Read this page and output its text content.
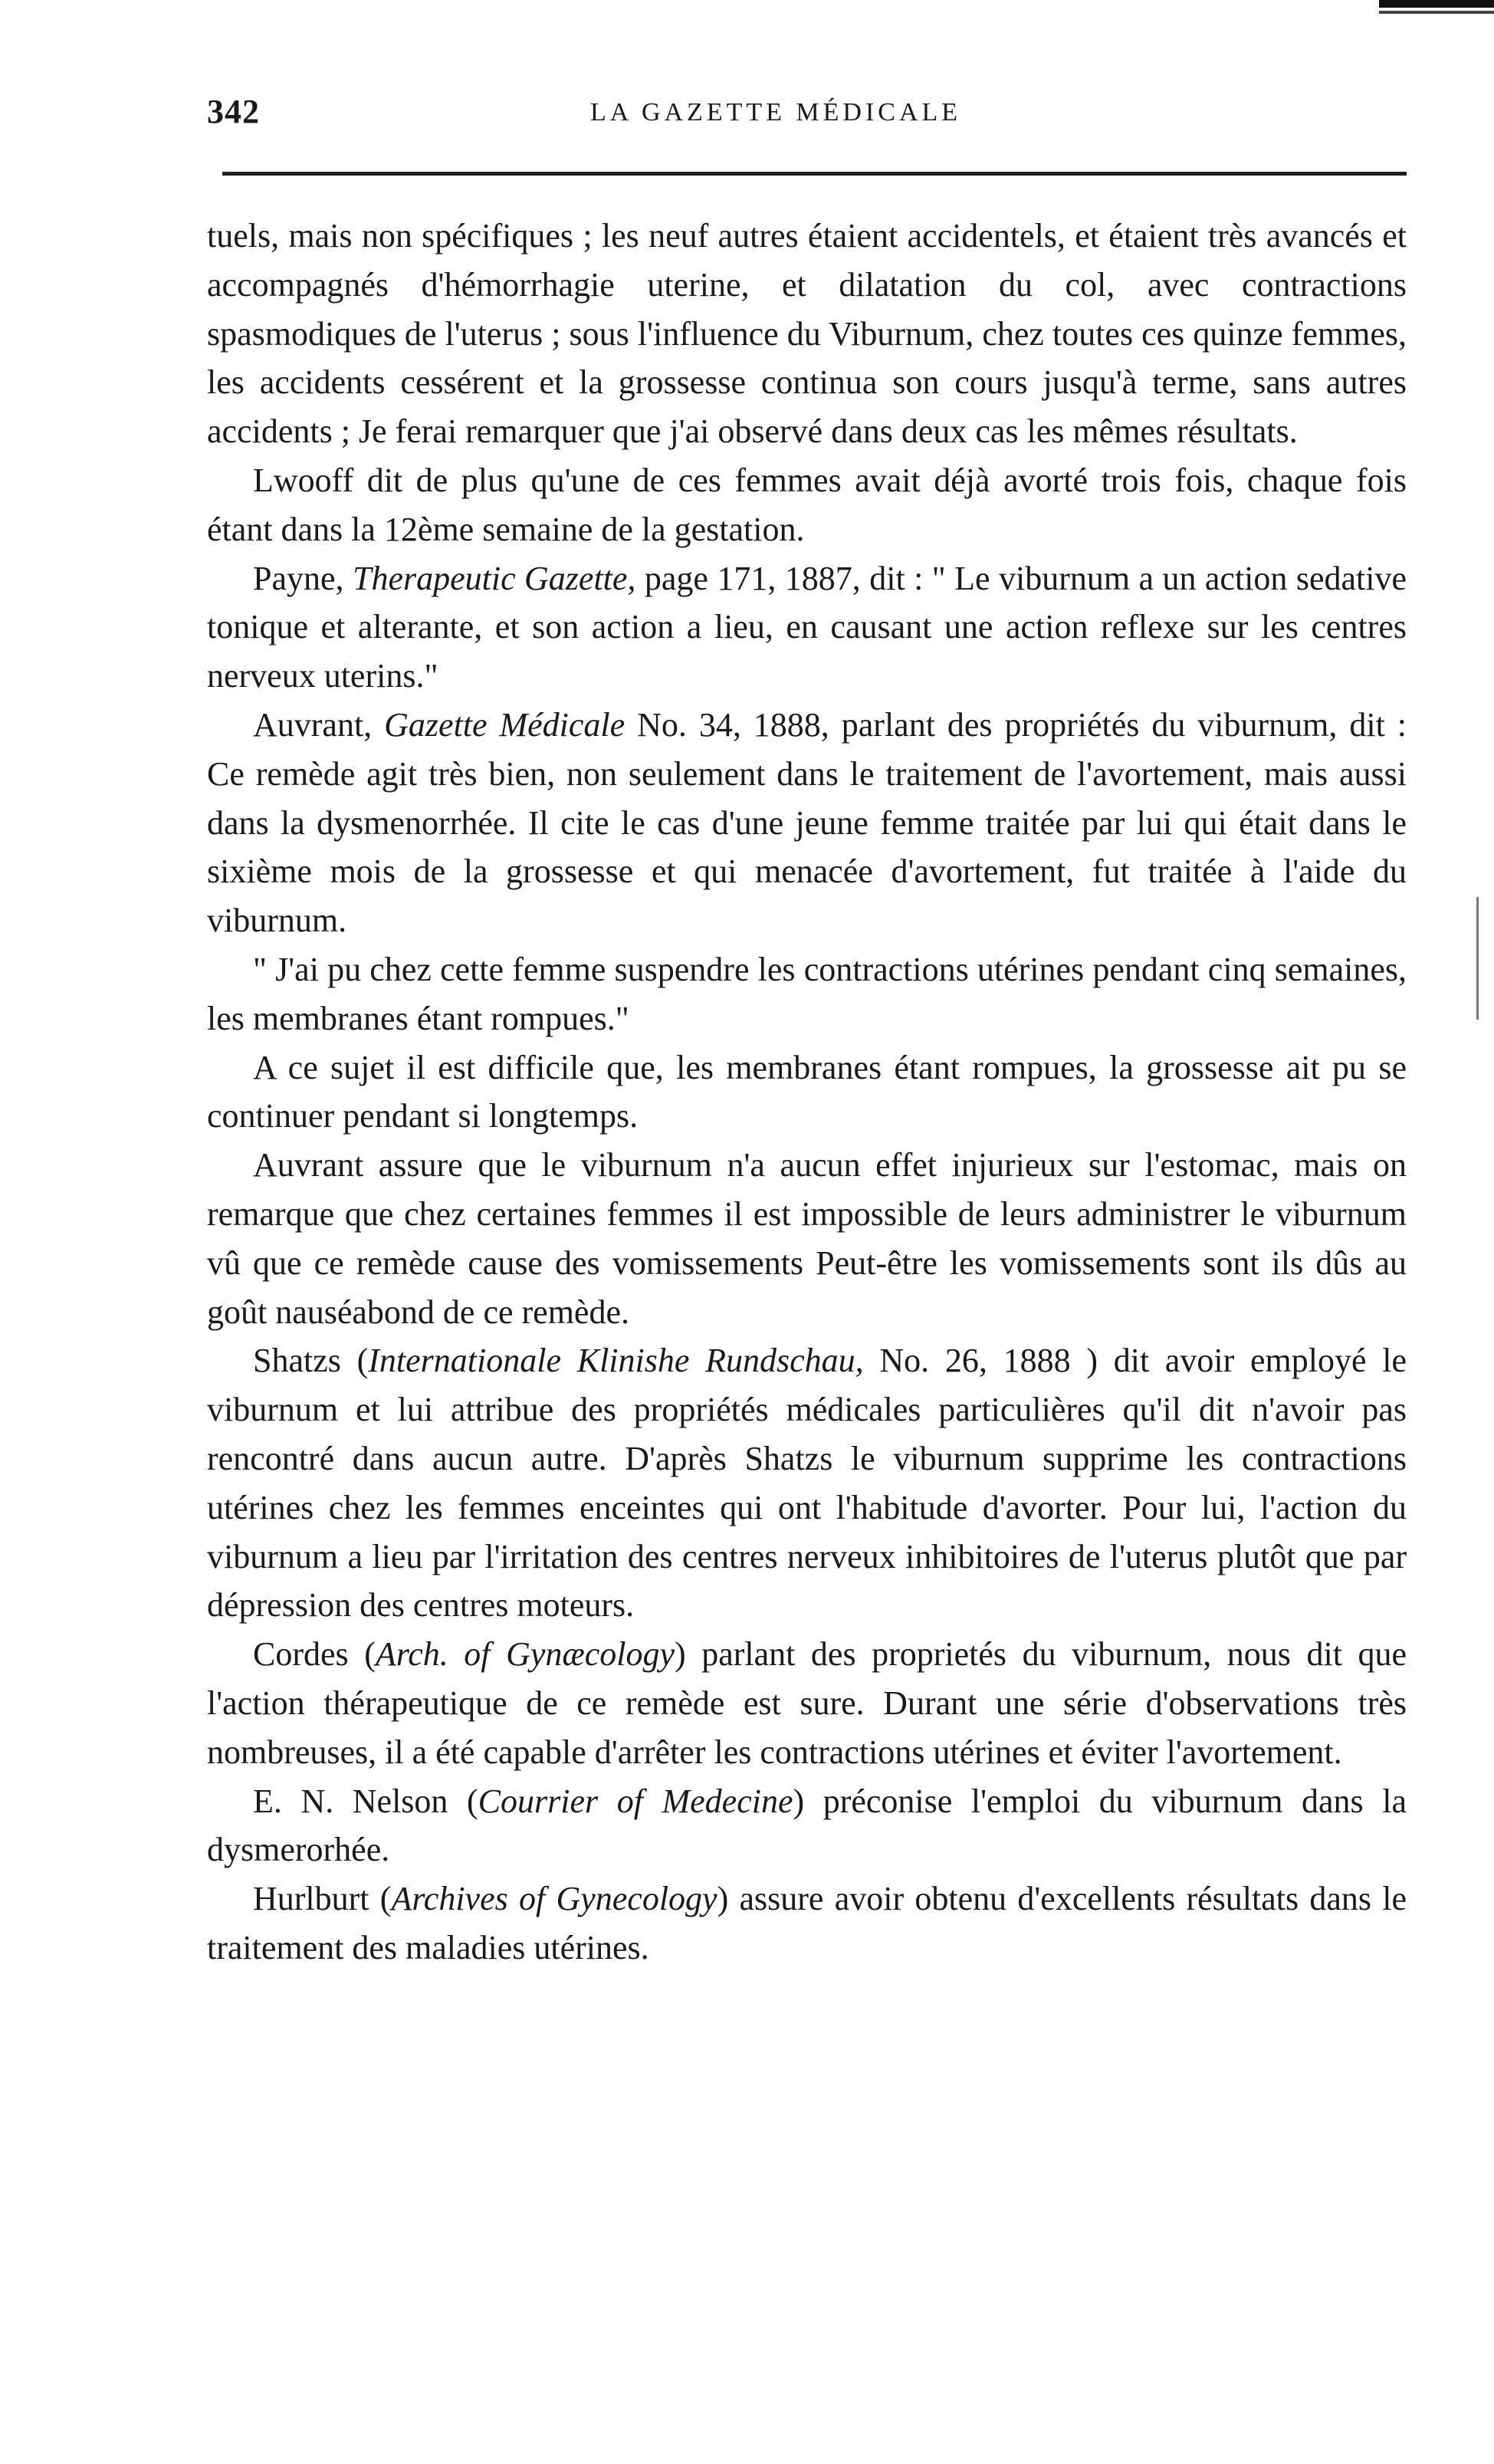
342	LA GAZETTE MÉDICALE

tuels, mais non spécifiques ; les neuf autres étaient accidentels, et étaient très avancés et accompagnés d'hémorrhagie uterine, et dilatation du col, avec contractions spasmodiques de l'uterus ; sous l'influence du Viburnum, chez toutes ces quinze femmes, les accidents cessérent et la grossesse continua son cours jusqu'à terme, sans autres accidents ; Je ferai remarquer que j'ai observé dans deux cas les mêmes résultats.

Lwooff dit de plus qu'une de ces femmes avait déjà avorté trois fois, chaque fois étant dans la 12ème semaine de la gestation.

Payne, Therapeutic Gazette, page 171, 1887, dit : " Le viburnum a un action sedative tonique et alterante, et son action a lieu, en causant une action reflexe sur les centres nerveux uterins."

Auvrant, Gazette Médicale No. 34, 1888, parlant des propriétés du viburnum, dit : Ce remède agit très bien, non seulement dans le traitement de l'avortement, mais aussi dans la dysmenorrhée. Il cite le cas d'une jeune femme traitée par lui qui était dans le sixième mois de la grossesse et qui menacée d'avortement, fut traitée à l'aide du viburnum.

" J'ai pu chez cette femme suspendre les contractions utérines pendant cinq semaines, les membranes étant rompues."

A ce sujet il est difficile que, les membranes étant rompues, la grossesse ait pu se continuer pendant si longtemps.

Auvrant assure que le viburnum n'a aucun effet injurieux sur l'estomac, mais on remarque que chez certaines femmes il est impossible de leurs administrer le viburnum vû que ce remède cause des vomissements Peut-être les vomissements sont ils dûs au goût nauséabond de ce remède.

Shatzs (Internationale Klinishe Rundschau, No. 26, 1888 ) dit avoir employé le viburnum et lui attribue des propriétés médicales particulières qu'il dit n'avoir pas rencontré dans aucun autre. D'après Shatzs le viburnum supprime les contractions utérines chez les femmes enceintes qui ont l'habitude d'avorter. Pour lui, l'action du viburnum a lieu par l'irritation des centres nerveux inhibitoires de l'uterus plutôt que par dépression des centres moteurs.

Cordes (Arch. of Gynæcology) parlant des proprietés du viburnum, nous dit que l'action thérapeutique de ce remède est sure. Durant une série d'observations très nombreuses, il a été capable d'arrêter les contractions utérines et éviter l'avortement.

E. N. Nelson (Courrier of Medecine) préconise l'emploi du viburnum dans la dysmerorhée.

Hurlburt (Archives of Gynecology) assure avoir obtenu d'excellents résultats dans le traitement des maladies utérines.
